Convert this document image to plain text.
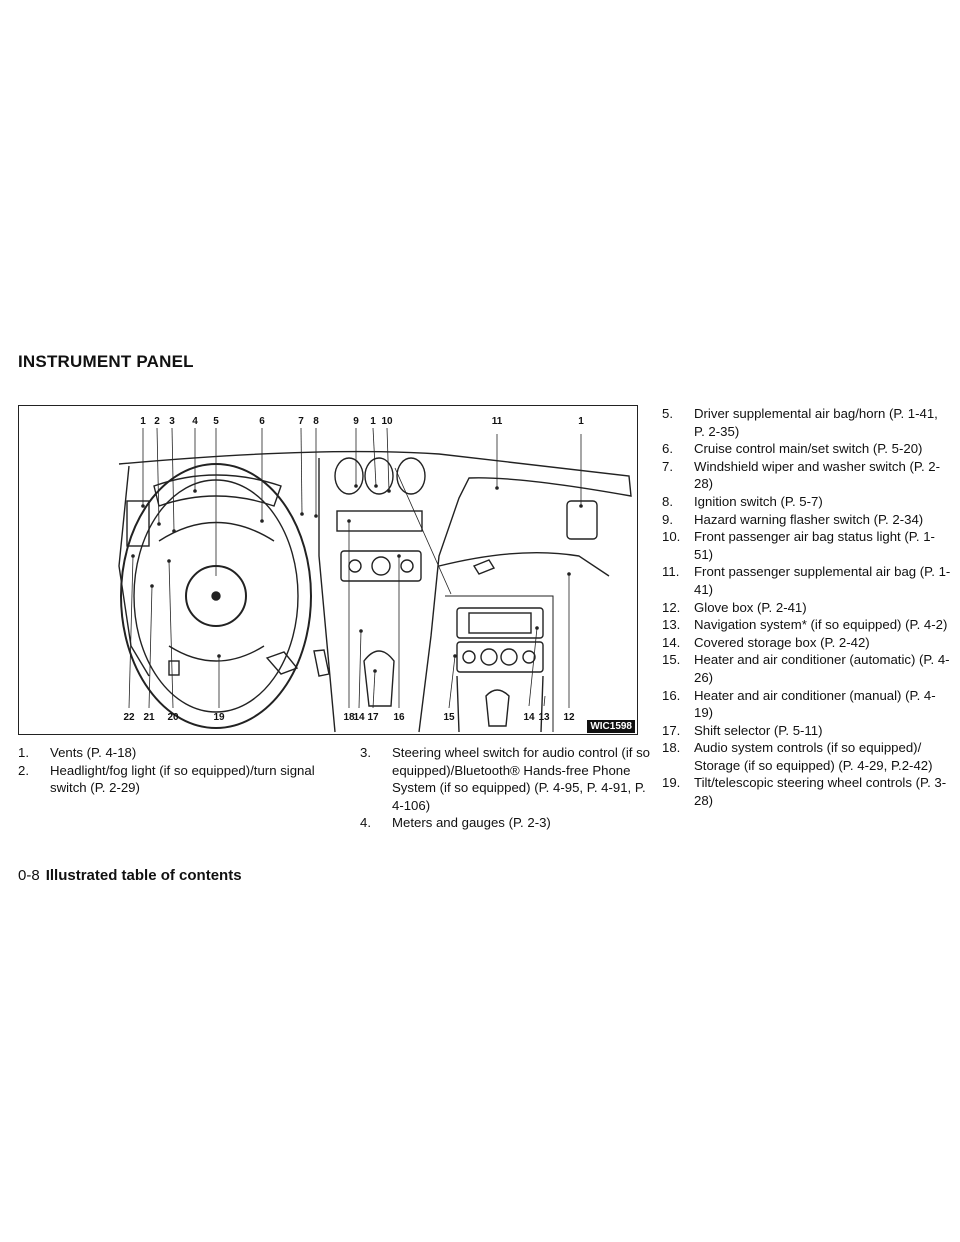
INSTRUMENT PANEL
1 2 3 4 5	6	7 8	9 1 10	11	1
22 21 20	19	18
14 17 16	15	14 13 12
WIC1598
1.	Vents (P. 4-18)
2.	Headlight/fog light (if so equipped)/turn signal switch (P. 2-29)
3.	Steering wheel switch for audio control (if so equipped)/Bluetooth® Hands-free Phone System (if so equipped) (P. 4-95, P. 4-91, P. 4-106)
4.	Meters and gauges (P. 2-3)
5.	Driver supplemental air bag/horn (P. 1-41, P. 2-35)
6.	Cruise control main/set switch (P. 5-20)
7.	Windshield wiper and washer switch (P. 2-28)
8.	Ignition switch (P. 5-7)
9.	Hazard warning flasher switch (P. 2-34)
10.	Front passenger air bag status light (P. 1-51)
11.	Front passenger supplemental air bag (P. 1-41)
12.	Glove box (P. 2-41)
13.	Navigation system* (if so equipped) (P. 4-2)
14.	Covered storage box (P. 2-42)
15.	Heater and air conditioner (automatic) (P. 4-26)
16.	Heater and air conditioner (manual) (P. 4-19)
17.	Shift selector (P. 5-11)
18.	Audio system controls (if so equipped)/ Storage (if so equipped) (P. 4-29, P.2-42)
19.	Tilt/telescopic steering wheel controls (P. 3-28)
0-8 Illustrated table of contents
